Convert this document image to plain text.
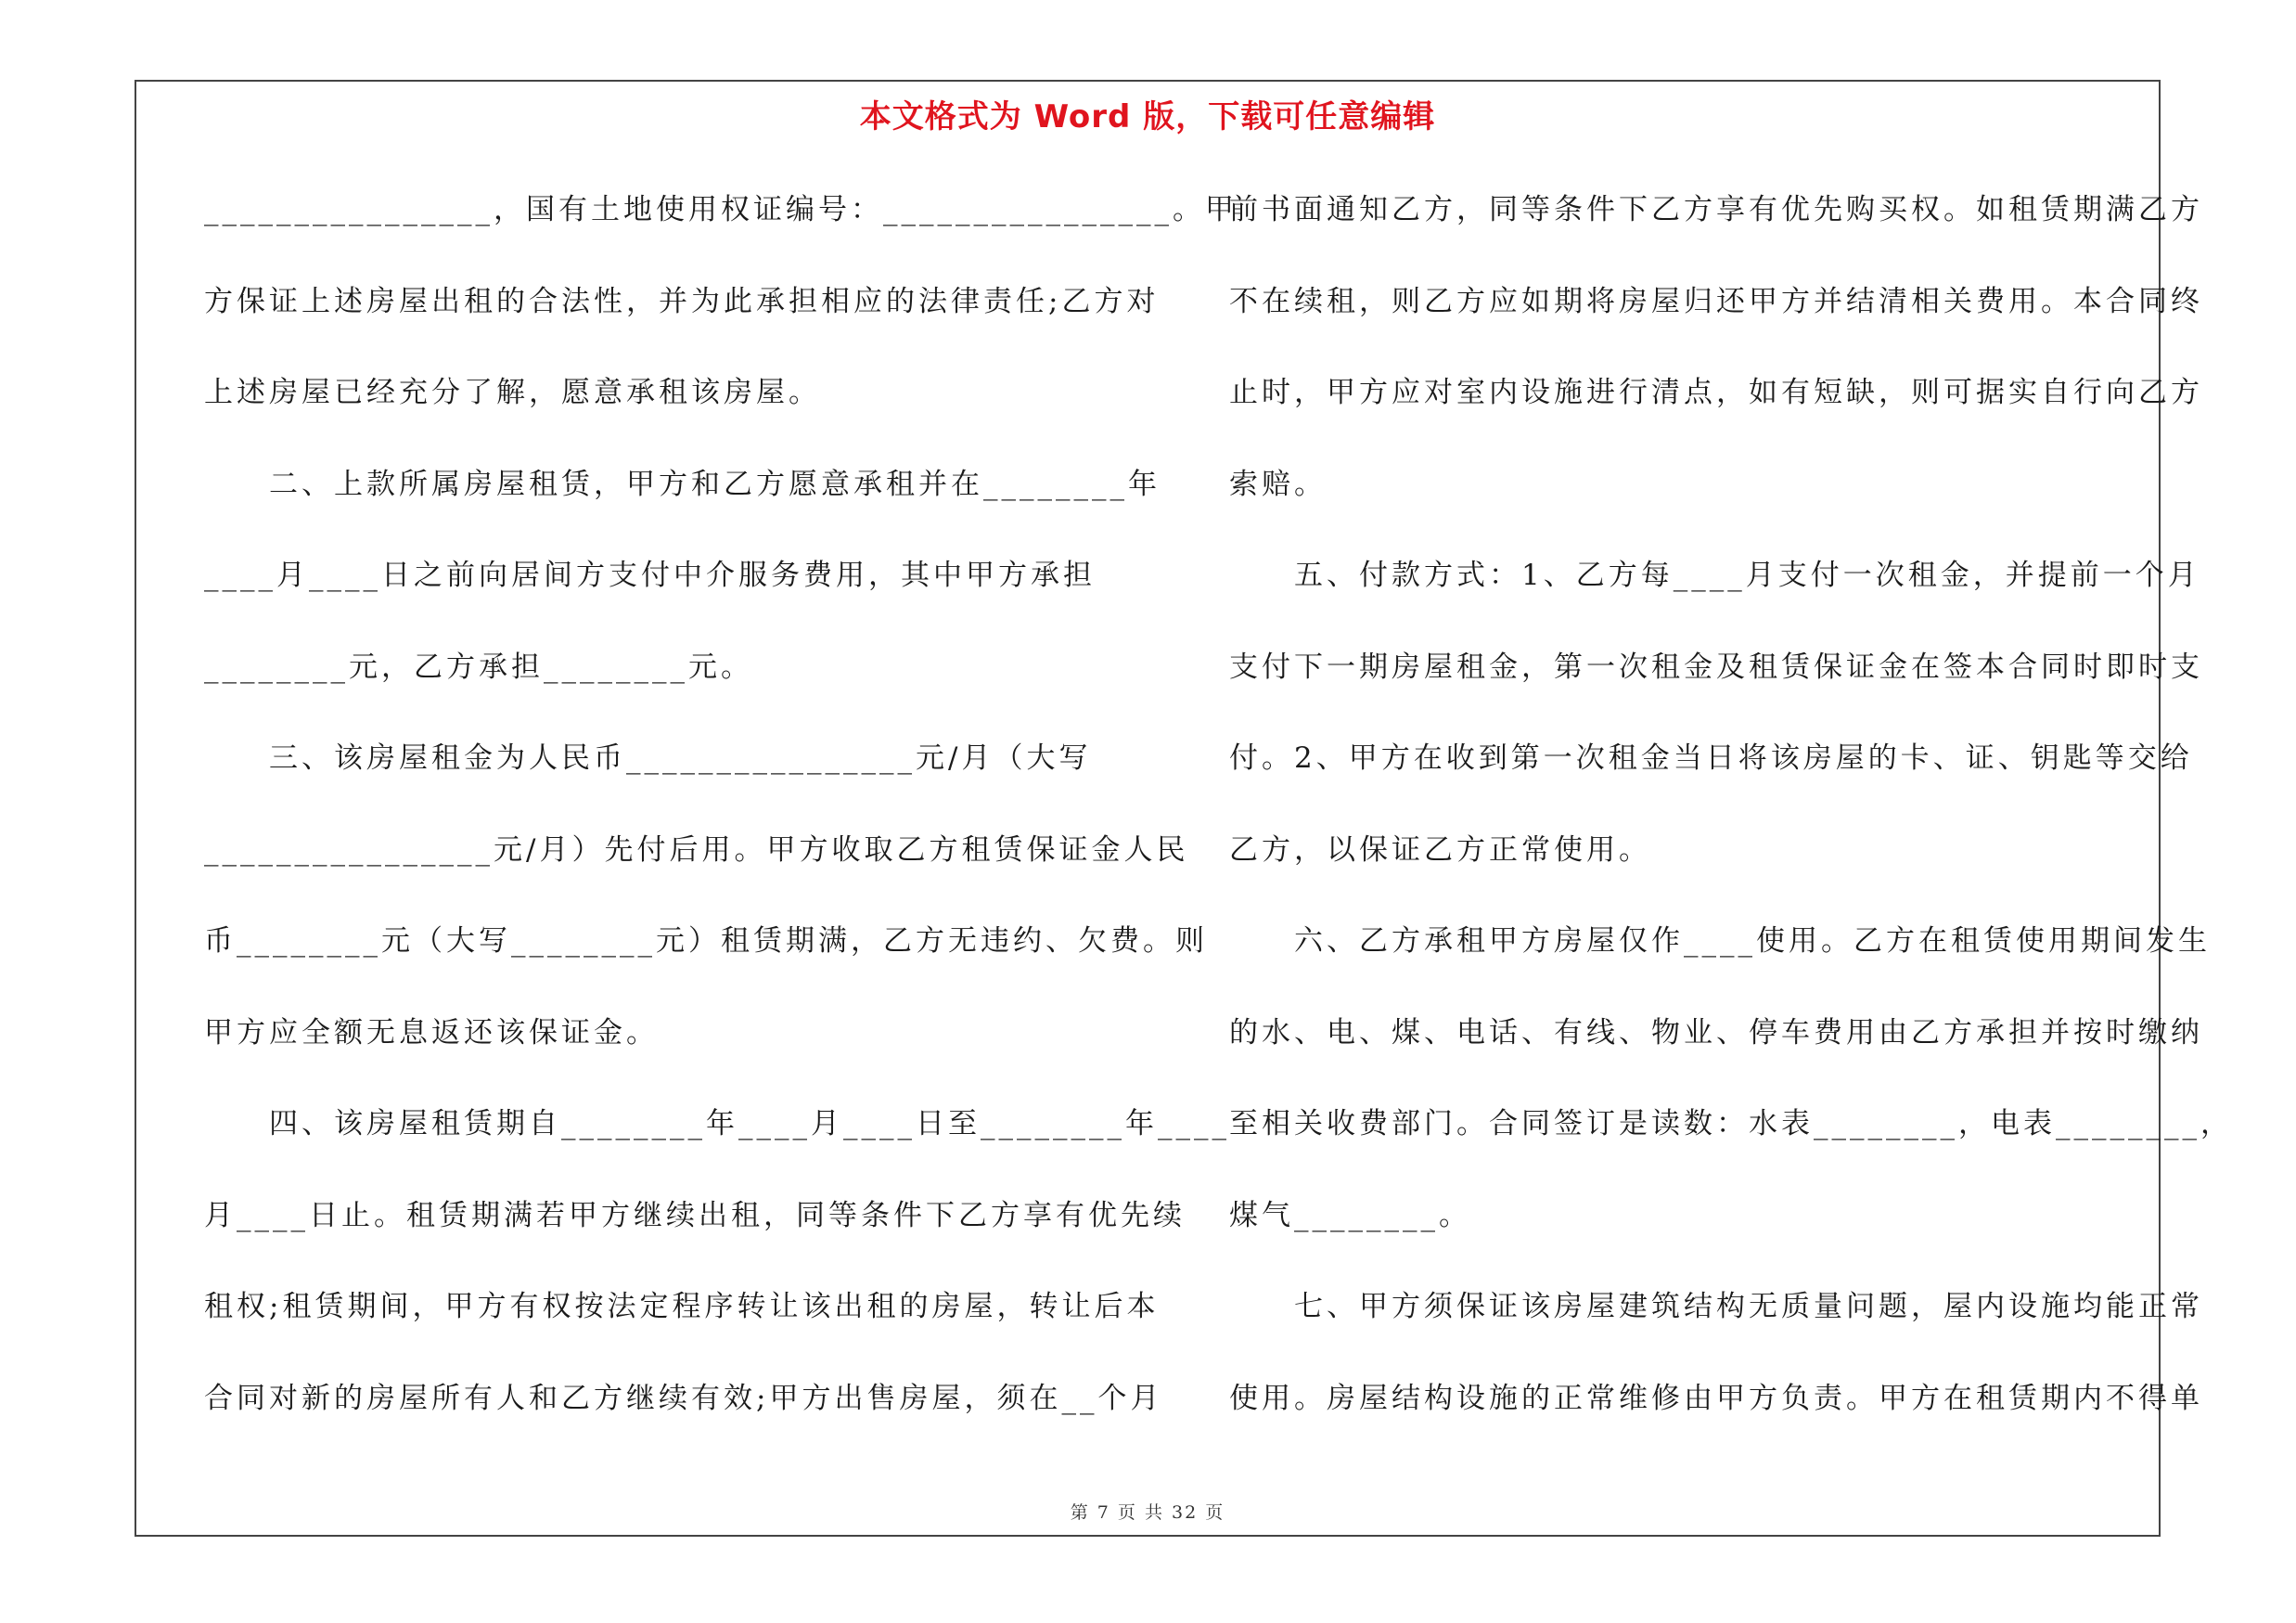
本文格式为 Word 版，下载可任意编辑
________________，国有土地使用权证编号：________________。甲
方保证上述房屋出租的合法性，并为此承担相应的法律责任;乙方对
上述房屋已经充分了解，愿意承租该房屋。
　　二、上款所属房屋租赁，甲方和乙方愿意承租并在________年
____月____日之前向居间方支付中介服务费用，其中甲方承担
________元，乙方承担________元。
　　三、该房屋租金为人民币________________元/月（大写
________________元/月）先付后用。甲方收取乙方租赁保证金人民
币________元（大写________元）租赁期满，乙方无违约、欠费。则
甲方应全额无息返还该保证金。
　　四、该房屋租赁期自________年____月____日至________年____
月____日止。租赁期满若甲方继续出租，同等条件下乙方享有优先续
租权;租赁期间，甲方有权按法定程序转让该出租的房屋，转让后本
合同对新的房屋所有人和乙方继续有效;甲方出售房屋，须在__个月
前书面通知乙方，同等条件下乙方享有优先购买权。如租赁期满乙方
不在续租，则乙方应如期将房屋归还甲方并结清相关费用。本合同终
止时，甲方应对室内设施进行清点，如有短缺，则可据实自行向乙方
索赔。
　　五、付款方式：1、乙方每____月支付一次租金，并提前一个月
支付下一期房屋租金，第一次租金及租赁保证金在签本合同时即时支
付。2、甲方在收到第一次租金当日将该房屋的卡、证、钥匙等交给
乙方，以保证乙方正常使用。
　　六、乙方承租甲方房屋仅作____使用。乙方在租赁使用期间发生
的水、电、煤、电话、有线、物业、停车费用由乙方承担并按时缴纳
至相关收费部门。合同签订是读数：水表________，电表________，
煤气________。
　　七、甲方须保证该房屋建筑结构无质量问题，屋内设施均能正常
使用。房屋结构设施的正常维修由甲方负责。甲方在租赁期内不得单
第 7 页 共 32 页
